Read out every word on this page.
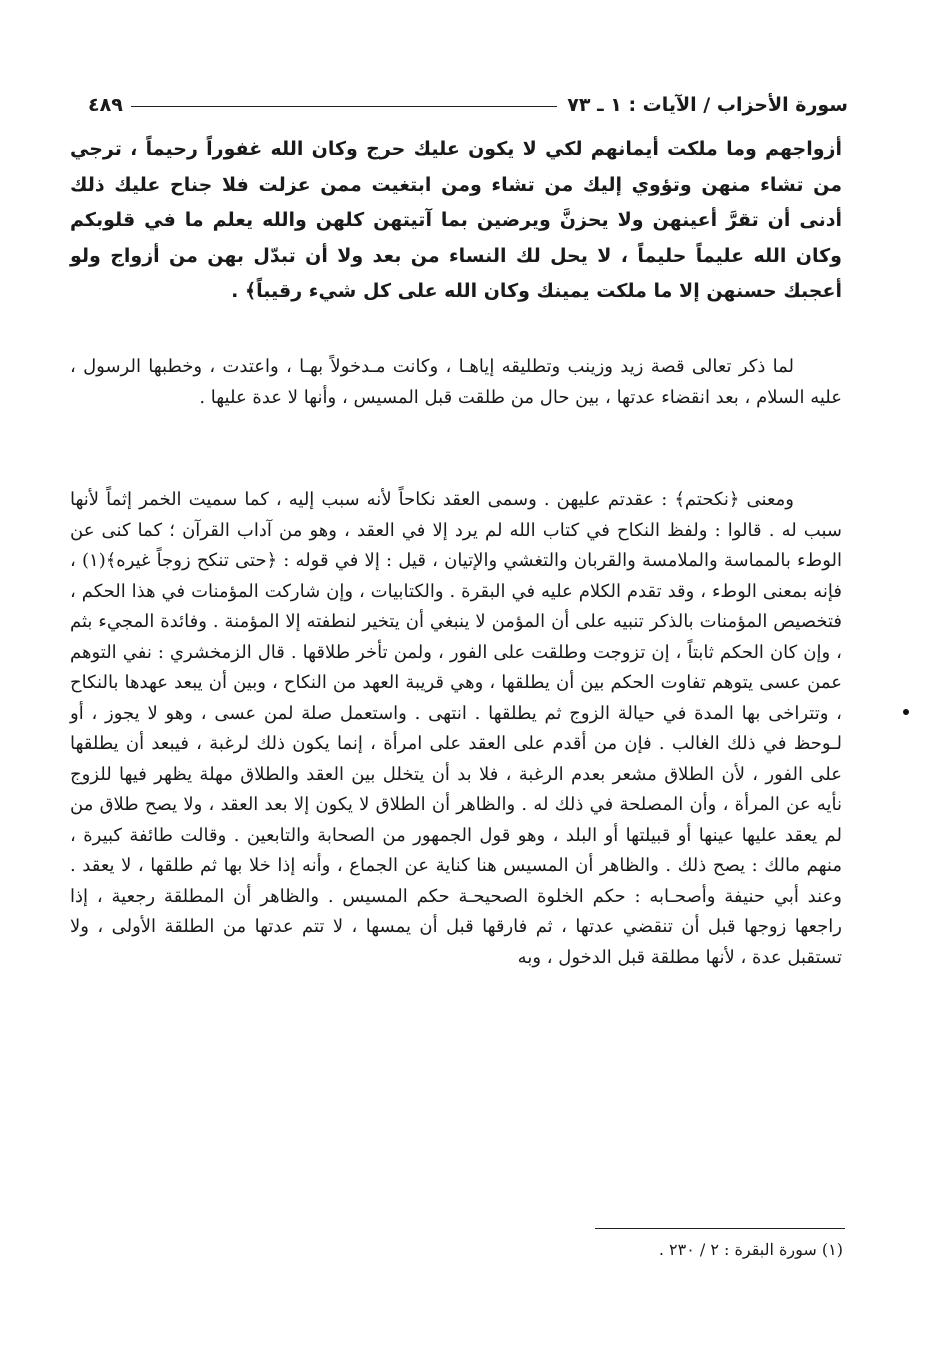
سورة الأحزاب / الآيات : ١ ـ ٧٣
٤٨٩
أزواجهم وما ملكت أيمانهم لكي لا يكون عليك حرج وكان الله غفوراً رحيماً ، ترجي من تشاء منهن وتؤوي إليك من تشاء ومن ابتغيت ممن عزلت فلا جناح عليك ذلك أدنى أن تقرَّ أعينهن ولا يحزنَّ ويرضين بما آتيتهن كلهن والله يعلم ما في قلوبكم وكان الله عليماً حليماً ، لا يحل لك النساء من بعد ولا أن تبدّل بهن من أزواج ولو أعجبك حسنهن إلا ما ملكت يمينك وكان الله على كل شيء رقيباً﴾ .
لما ذكر تعالى قصة زيد وزينب وتطليقه إياهـا ، وكانت مـدخولاً بهـا ، واعتدت ، وخطبها الرسول ، عليه السلام ، بعد انقضاء عدتها ، بين حال من طلقت قبل المسيس ، وأنها لا عدة عليها .
ومعنى ﴿نكحتم﴾ : عقدتم عليهن . وسمى العقد نكاحاً لأنه سبب إليه ، كما سميت الخمر إثماً لأنها سبب له . قالوا : ولفظ النكاح في كتاب الله لم يرد إلا في العقد ، وهو من آداب القرآن ؛ كما كنى عن الوطء بالمماسة والملامسة والقربان والتغشي والإتيان ، قيل : إلا في قوله : ﴿حتى تنكح زوجاً غيره﴾(١) ، فإنه بمعنى الوطء ، وقد تقدم الكلام عليه في البقرة . والكتابيات ، وإن شاركت المؤمنات في هذا الحكم ، فتخصيص المؤمنات بالذكر تنبيه على أن المؤمن لا ينبغي أن يتخير لنطفته إلا المؤمنة . وفائدة المجيء بثم ، وإن كان الحكم ثابتاً ، إن تزوجت وطلقت على الفور ، ولمن تأخر طلاقها . قال الزمخشري : نفي التوهم عمن عسى يتوهم تفاوت الحكم بين أن يطلقها ، وهي قريبة العهد من النكاح ، وبين أن يبعد عهدها بالنكاح ، وتتراخى بها المدة في حيالة الزوج ثم يطلقها . انتهى . واستعمل صلة لمن عسى ، وهو لا يجوز ، أو لـوحظ في ذلك الغالب . فإن من أقدم على العقد على امرأة ، إنما يكون ذلك لرغبة ، فيبعد أن يطلقها على الفور ، لأن الطلاق مشعر بعدم الرغبة ، فلا بد أن يتخلل بين العقد والطلاق مهلة يظهر فيها للزوج نأيه عن المرأة ، وأن المصلحة في ذلك له . والظاهر أن الطلاق لا يكون إلا بعد العقد ، ولا يصح طلاق من لم يعقد عليها عينها أو قبيلتها أو البلد ، وهو قول الجمهور من الصحابة والتابعين . وقالت طائفة كبيرة ، منهم مالك : يصح ذلك . والظاهر أن المسيس هنا كناية عن الجماع ، وأنه إذا خلا بها ثم طلقها ، لا يعقد . وعند أبي حنيفة وأصحـابه : حكم الخلوة الصحيحـة حكم المسيس . والظاهر أن المطلقة رجعية ، إذا راجعها زوجها قبل أن تنقضي عدتها ، ثم فارقها قبل أن يمسها ، لا تتم عدتها من الطلقة الأولى ، ولا تستقبل عدة ، لأنها مطلقة قبل الدخول ، وبه
(١) سورة البقرة : ٢ / ٢٣٠ .
